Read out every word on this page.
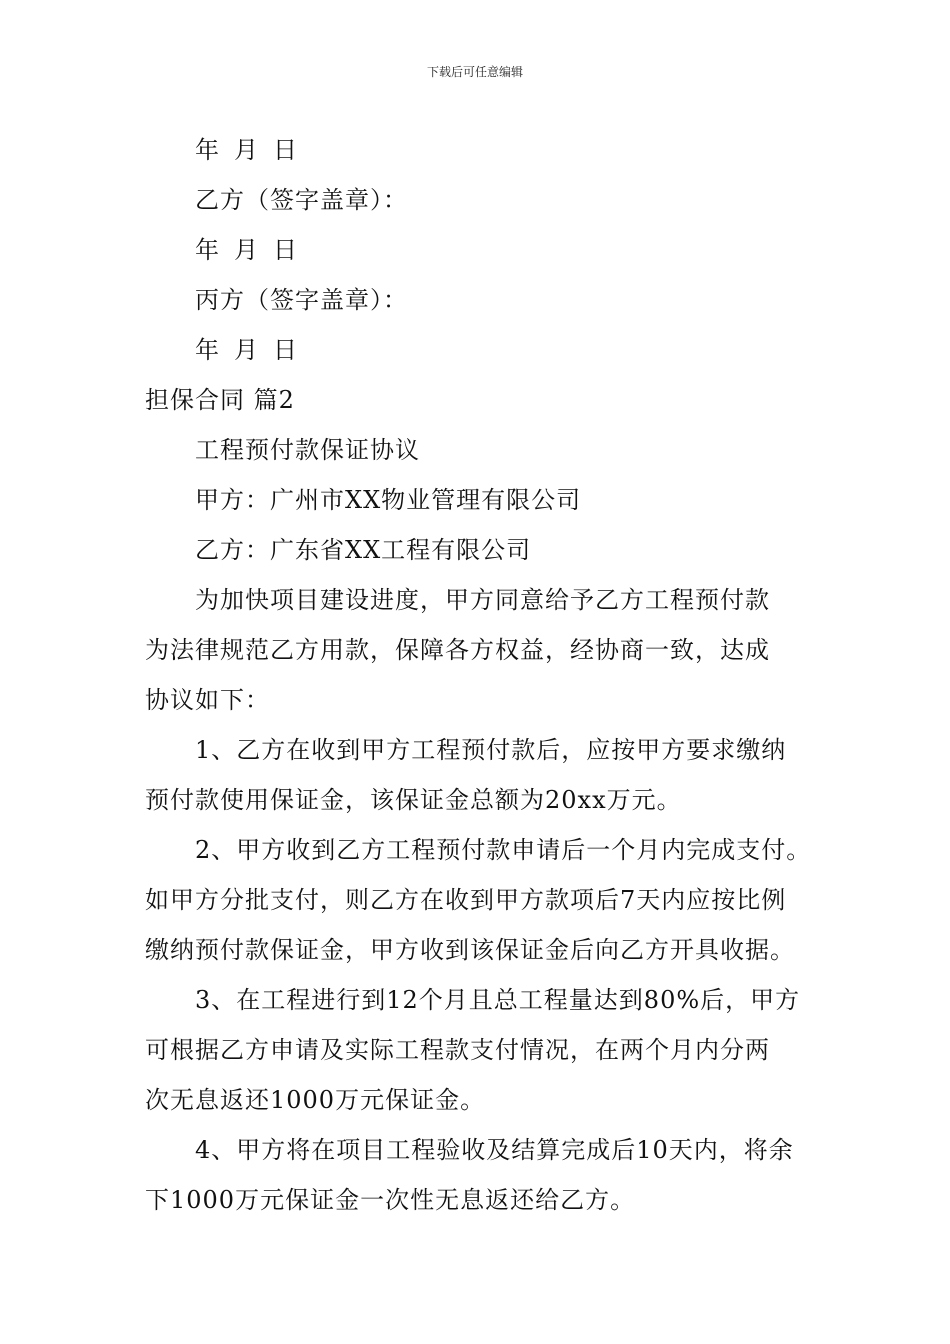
下载后可任意编辑
年 月 日
乙方（签字盖章）：
年 月 日
丙方（签字盖章）：
年 月 日
担保合同 篇2
工程预付款保证协议
甲方：广州市XX物业管理有限公司
乙方：广东省XX工程有限公司
为加快项目建设进度，甲方同意给予乙方工程预付款
为法律规范乙方用款，保障各方权益，经协商一致，达成
协议如下：
1、乙方在收到甲方工程预付款后，应按甲方要求缴纳
预付款使用保证金，该保证金总额为20xx万元。
2、甲方收到乙方工程预付款申请后一个月内完成支付。
如甲方分批支付，则乙方在收到甲方款项后7天内应按比例
缴纳预付款保证金，甲方收到该保证金后向乙方开具收据。
3、在工程进行到12个月且总工程量达到80%后，甲方
可根据乙方申请及实际工程款支付情况，在两个月内分两
次无息返还1000万元保证金。
4、甲方将在项目工程验收及结算完成后10天内，将余
下1000万元保证金一次性无息返还给乙方。
